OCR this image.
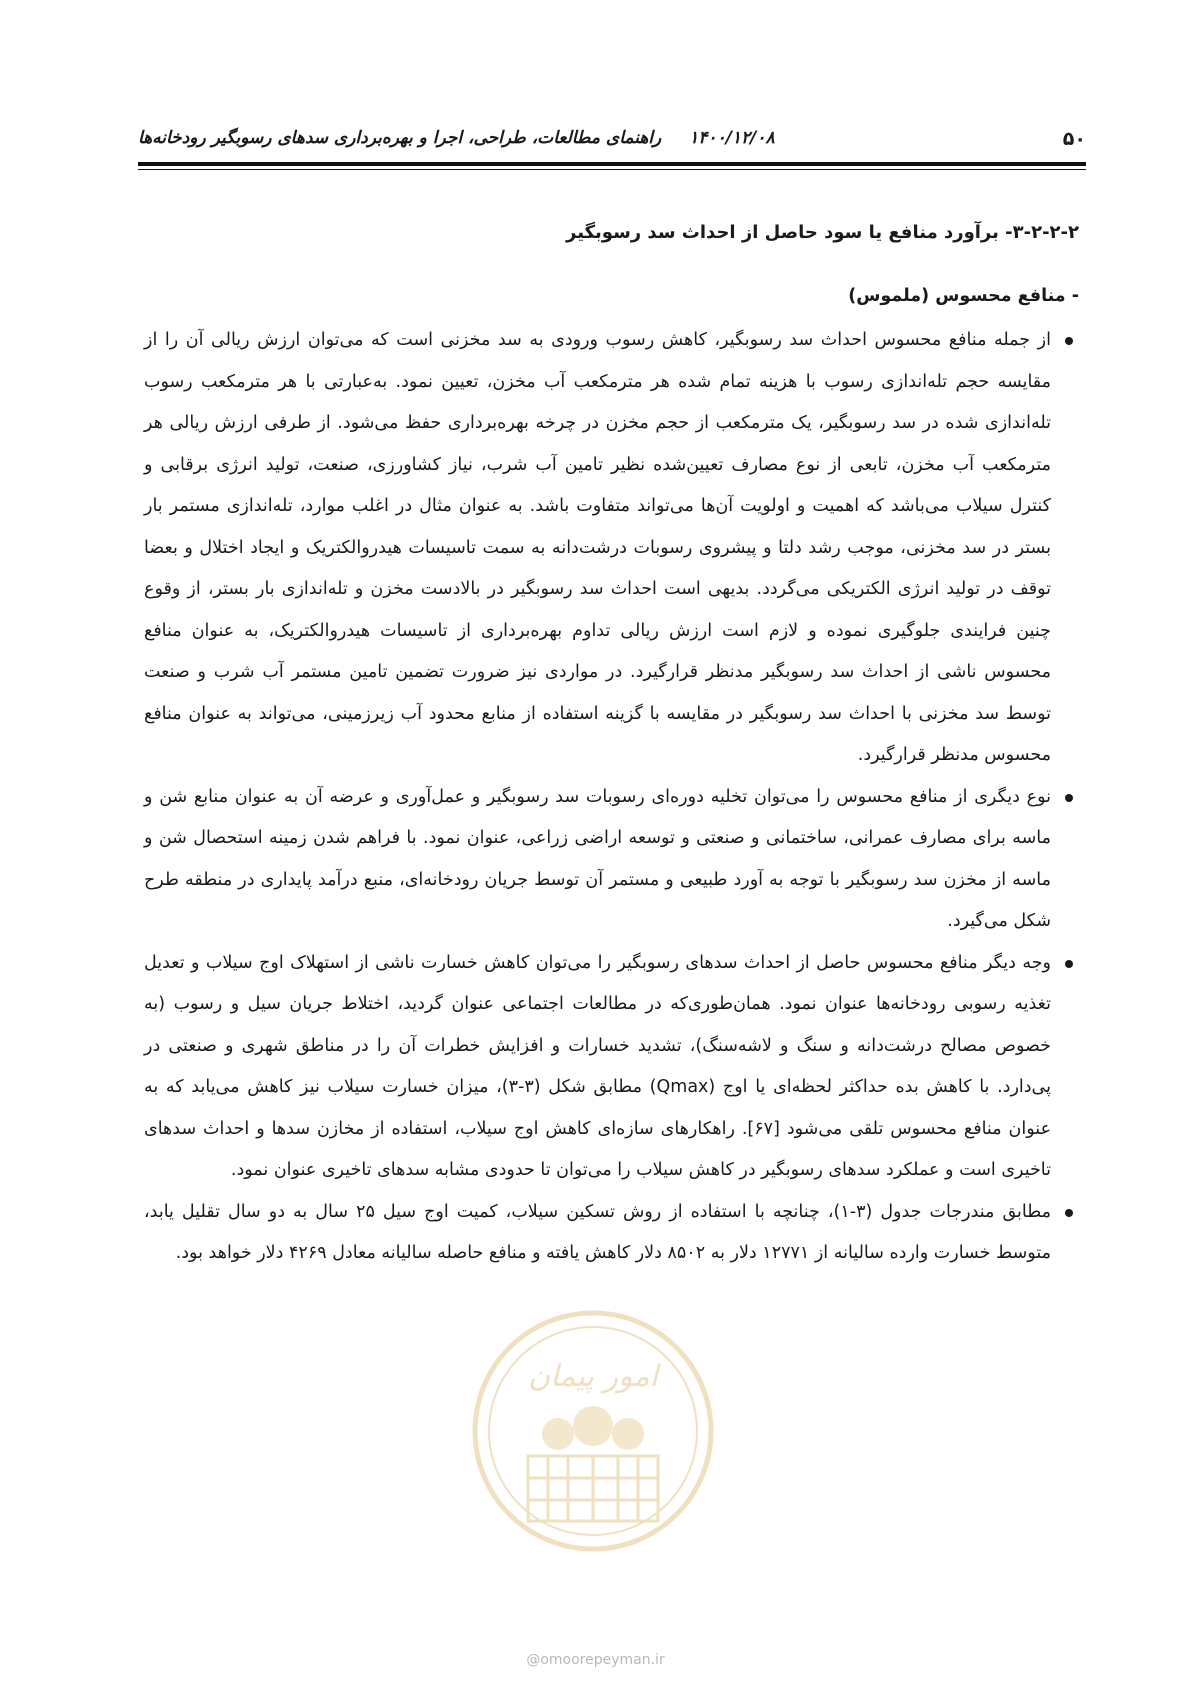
۵۰
۱۴۰۰/۱۲/۰۸ راهنمای مطالعات، طراحی، اجرا و بهره‌برداری سدهای رسوبگیر رودخانه‌ها
۳-۲-۲-۲- برآورد منافع یا سود حاصل از احداث سد رسوبگیر
- منافع محسوس (ملموس)

از جمله منافع محسوس احداث سد رسوبگیر، کاهش رسوب ورودی به سد مخزنی است که می‌توان ارزش ریالی آن را از مقایسه حجم تله‌اندازی رسوب با هزینه تمام شده هر مترمکعب آب مخزن، تعیین نمود. به‌عبارتی با هر مترمکعب رسوب تله‌اندازی شده در سد رسوبگیر، یک مترمکعب از حجم مخزن در چرخه بهره‌برداری حفظ می‌شود. از طرفی ارزش ریالی هر مترمکعب آب مخزن، تابعی از نوع مصارف تعیین‌شده نظیر تامین آب شرب، نیاز کشاورزی، صنعت، تولید انرژی برقابی و کنترل سیلاب می‌باشد که اهمیت و اولویت آن‌ها می‌تواند متفاوت باشد. به عنوان مثال در اغلب موارد، تله‌اندازی مستمر بار بستر در سد مخزنی، موجب رشد دلتا و پیشروی رسوبات درشت‌دانه به سمت تاسیسات هیدروالکتریک و ایجاد اختلال و بعضا توقف در تولید انرژی الکتریکی می‌گردد. بدیهی است احداث سد رسوبگیر در بالادست مخزن و تله‌اندازی بار بستر، از وقوع چنین فرایندی جلوگیری نموده و لازم است ارزش ریالی تداوم بهره‌برداری از تاسیسات هیدروالکتریک، به عنوان منافع محسوس ناشی از احداث سد رسوبگیر مدنظر قرارگیرد. در مواردی نیز ضرورت تضمین تامین مستمر آب شرب و صنعت توسط سد مخزنی با احداث سد رسوبگیر در مقایسه با گزینه استفاده از منابع محدود آب زیرزمینی، می‌تواند به عنوان منافع محسوس مدنظر قرارگیرد.

نوع دیگری از منافع محسوس را می‌توان تخلیه دوره‌ای رسوبات سد رسوبگیر و عمل‌آوری و عرضه آن به عنوان منابع شن و ماسه برای مصارف عمرانی، ساختمانی و صنعتی و توسعه اراضی زراعی، عنوان نمود. با فراهم شدن زمینه استحصال شن و ماسه از مخزن سد رسوبگیر با توجه به آورد طبیعی و مستمر آن توسط جریان رودخانه‌ای، منبع درآمد پایداری در منطقه طرح شکل می‌گیرد.

وجه دیگر منافع محسوس حاصل از احداث سدهای رسوبگیر را می‌توان کاهش خسارت ناشی از استهلاک اوج سیلاب و تعدیل تغذیه رسوبی رودخانه‌ها عنوان نمود. همان‌طوری‌که در مطالعات اجتماعی عنوان گردید، اختلاط جریان سیل و رسوب (به خصوص مصالح درشت‌دانه و سنگ و لاشه‌سنگ)، تشدید خسارات و افزایش خطرات آن را در مناطق شهری و صنعتی در پی‌دارد. با کاهش بده حداکثر لحظه‌ای یا اوج (Qmax) مطابق شکل (۳-۳)، میزان خسارت سیلاب نیز کاهش می‌یابد که به عنوان منافع محسوس تلقی می‌شود [۶۷]. راهکارهای سازه‌ای کاهش اوج سیلاب، استفاده از مخازن سدها و احداث سدهای تاخیری است و عملکرد سدهای رسوبگیر در کاهش سیلاب را می‌توان تا حدودی مشابه سدهای تاخیری عنوان نمود.

مطابق مندرجات جدول (۳-۱)، چنانچه با استفاده از روش تسکین سیلاب، کمیت اوج سیل ۲۵ سال به دو سال تقلیل یابد، متوسط خسارت وارده سالیانه از ۱۲۷۷۱ دلار به ۸۵۰۲ دلار کاهش یافته و منافع حاصله سالیانه معادل ۴۲۶۹ دلار خواهد بود.

امور پیمان
@omoorepeyman.ir
